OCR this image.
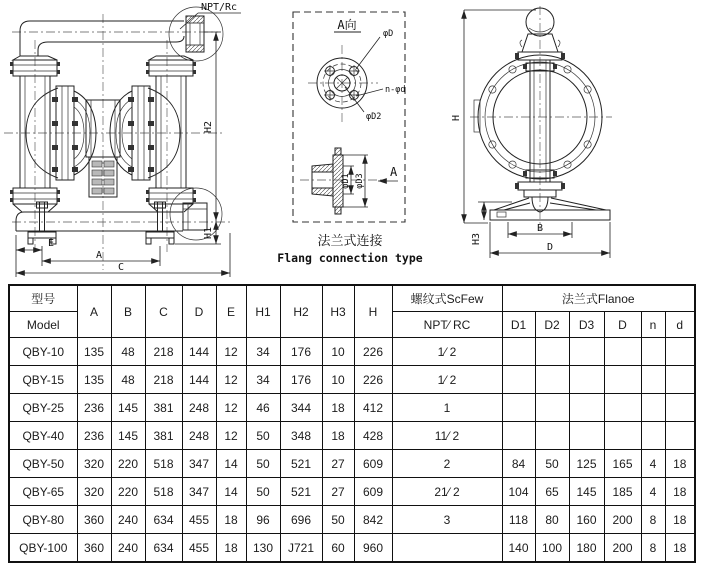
NPT/Rc
E
A
C
H2
H1
A向
φD
n-φd
φD2
φD1 φD3
A
法兰式连接
Flang connection type
H
H3
B
D
型号	A	B	C	D	E	H1	H2	H3	H	螺纹式ScFew	法兰式Flanoe					
Model										NPT⁄ RC	D1	D2	D3	D	n	d
QBY-10	135	48	218	144	12	34	176	10	226	1⁄ 2						
QBY-15	135	48	218	144	12	34	176	10	226	1⁄ 2						
QBY-25	236	145	381	248	12	46	344	18	412	1						
QBY-40	236	145	381	248	12	50	348	18	428	11⁄ 2						
QBY-50	320	220	518	347	14	50	521	27	609	2	84	50	125	165	4	18
QBY-65	320	220	518	347	14	50	521	27	609	21⁄ 2	104	65	145	185	4	18
QBY-80	360	240	634	455	18	96	696	50	842	3	118	80	160	200	8	18
QBY-100	360	240	634	455	18	130	J721	60	960		140	100	180	200	8	18
